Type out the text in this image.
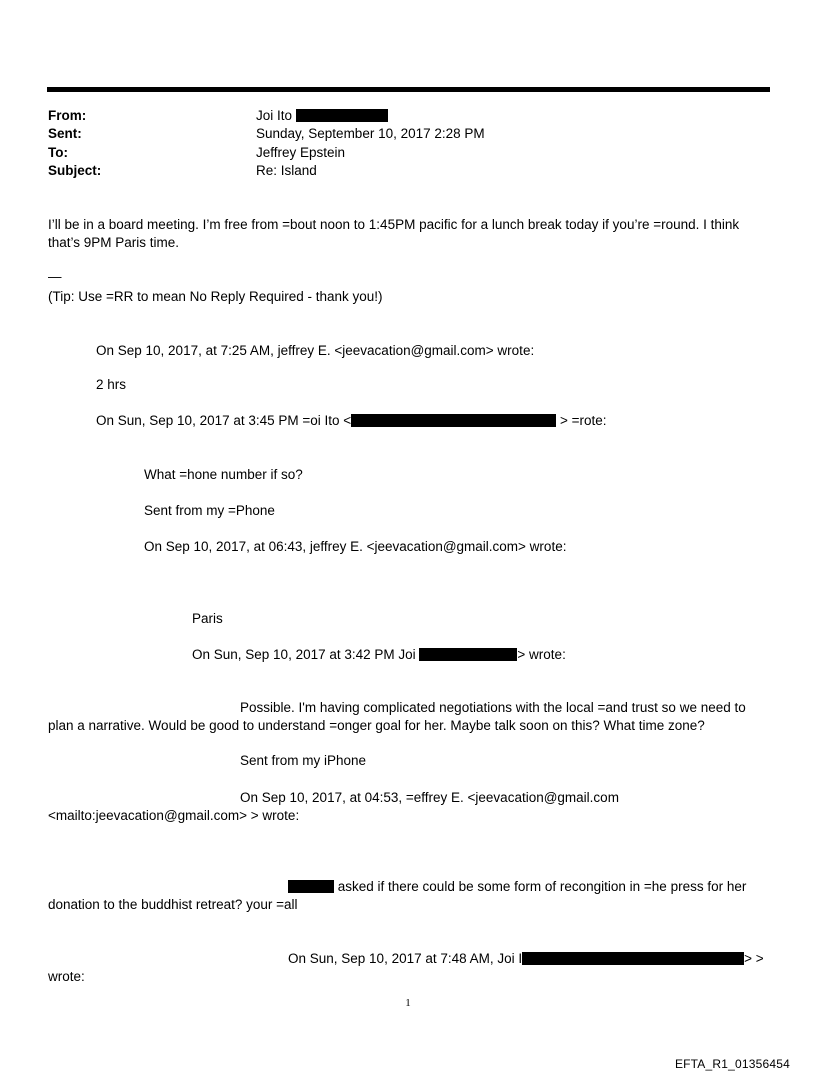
From:	Joi Ito
Sent:	Sunday, September 10, 2017 2:28 PM
To:	Jeffrey Epstein
Subject:	Re: Island
I’ll be in a board meeting. I’m free from =bout noon to 1:45PM pacific for a lunch break today if you’re =round. I think
that’s 9PM Paris time.
—
(Tip: Use =RR to mean No Reply Required - thank you!)
On Sep 10, 2017, at 7:25 AM, jeffrey E. <jeevacation@gmail.com> wrote:
2 hrs
On Sun, Sep 10, 2017 at 3:45 PM =oi Ito <	> =rote:
What =hone number if so?
Sent from my =Phone
On Sep 10, 2017, at 06:43, jeffrey E. <jeevacation@gmail.com> wrote:
Paris
On Sun, Sep 10, 2017 at 3:42 PM Joi	> wrote:
Possible. I'm having complicated negotiations with the local =and trust so we need to
plan a narrative. Would be good to understand =onger goal for her. Maybe talk soon on this? What time zone?
Sent from my iPhone
On Sep 10, 2017, at 04:53, =effrey E. <jeevacation@gmail.com
<mailto:jeevacation@gmail.com> > wrote:
asked if there could be some form of recongition in =he press for her
donation to the buddhist retreat? your =all
On Sun, Sep 10, 2017 at 7:48 AM, Joi I	> >
wrote:
1
EFTA_R1_01356454
